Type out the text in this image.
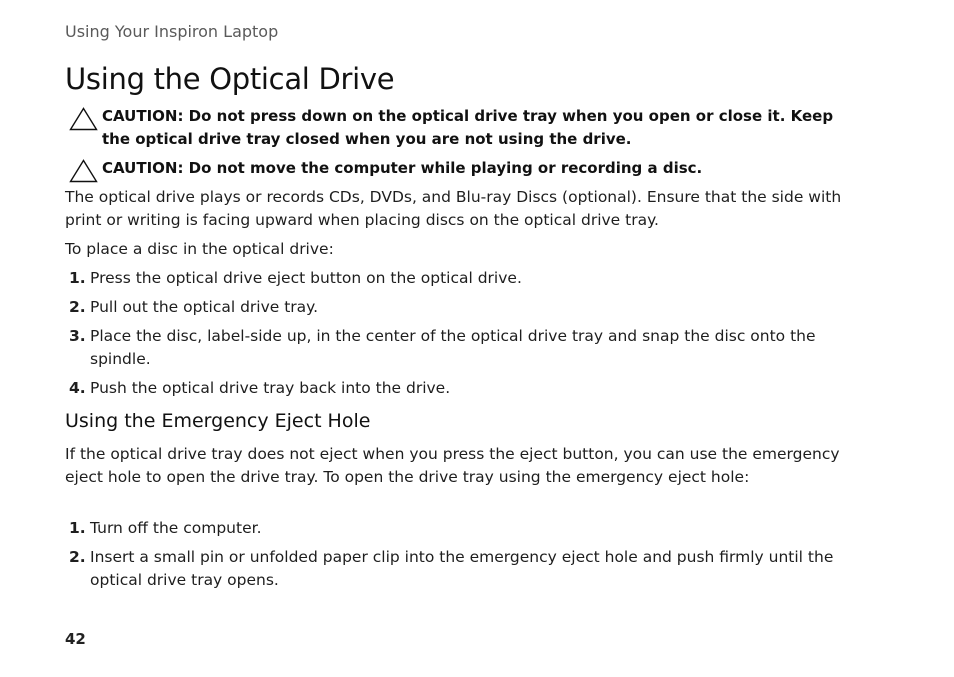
Using Your Inspiron Laptop
Using the Optical Drive
CAUTION: Do not press down on the optical drive tray when you open or close it. Keep the optical drive tray closed when you are not using the drive.
CAUTION: Do not move the computer while playing or recording a disc.

The optical drive plays or records CDs, DVDs, and Blu-ray Discs (optional). Ensure that the side with print or writing is facing upward when placing discs on the optical drive tray.

To place a disc in the optical drive:

1. Press the optical drive eject button on the optical drive.
2. Pull out the optical drive tray.
3. Place the disc, label-side up, in the center of the optical drive tray and snap the disc onto the spindle.
4. Push the optical drive tray back into the drive.
Using the Emergency Eject Hole

If the optical drive tray does not eject when you press the eject button, you can use the emergency eject hole to open the drive tray. To open the drive tray using the emergency eject hole:

1. Turn off the computer.
2. Insert a small pin or unfolded paper clip into the emergency eject hole and push firmly until the optical drive tray opens.
42
